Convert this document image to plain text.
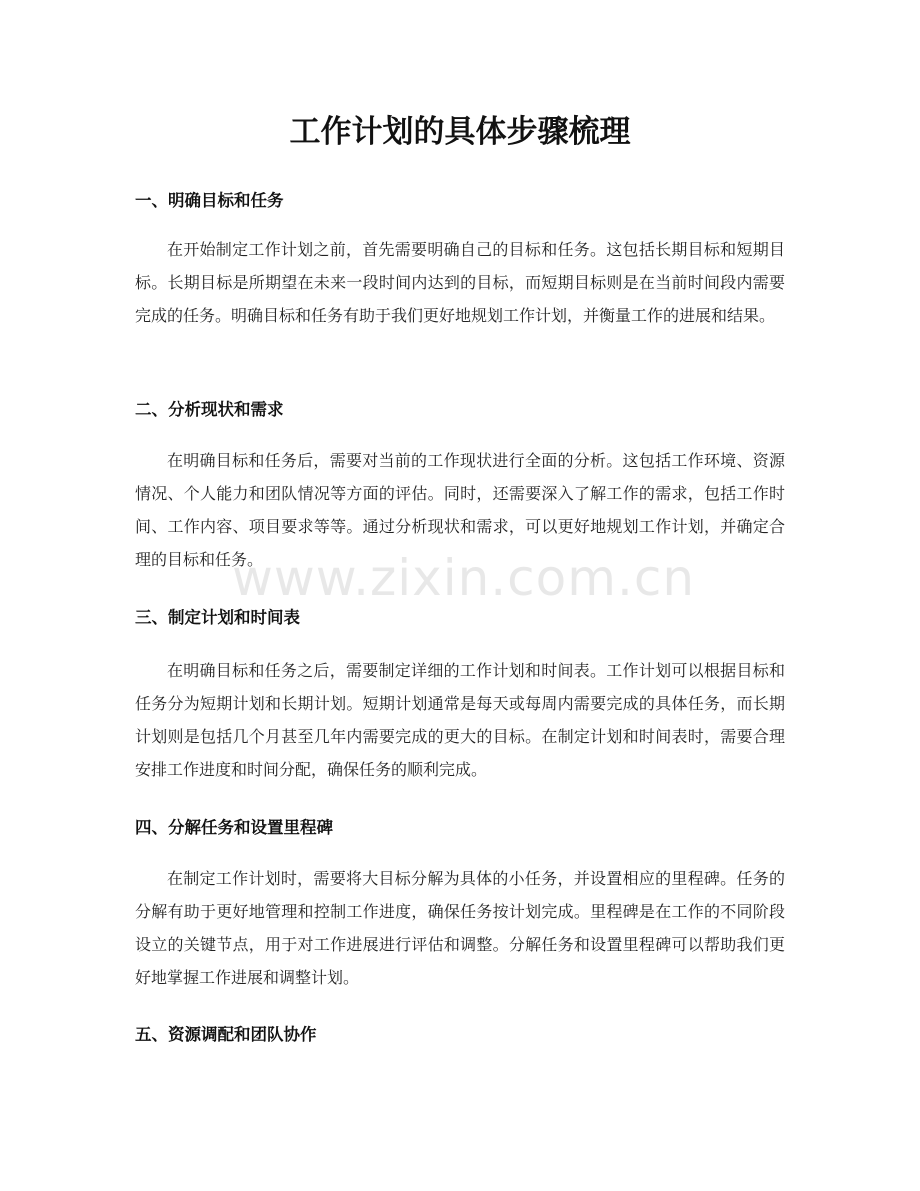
工作计划的具体步骤梳理
一、明确目标和任务

在开始制定工作计划之前，首先需要明确自己的目标和任务。这包括长期目标和短期目标。长期目标是所期望在未来一段时间内达到的目标，而短期目标则是在当前时间段内需要完成的任务。明确目标和任务有助于我们更好地规划工作计划，并衡量工作的进展和结果。

二、分析现状和需求

在明确目标和任务后，需要对当前的工作现状进行全面的分析。这包括工作环境、资源情况、个人能力和团队情况等方面的评估。同时，还需要深入了解工作的需求，包括工作时间、工作内容、项目要求等等。通过分析现状和需求，可以更好地规划工作计划，并确定合理的目标和任务。

三、制定计划和时间表

在明确目标和任务之后，需要制定详细的工作计划和时间表。工作计划可以根据目标和任务分为短期计划和长期计划。短期计划通常是每天或每周内需要完成的具体任务，而长期计划则是包括几个月甚至几年内需要完成的更大的目标。在制定计划和时间表时，需要合理安排工作进度和时间分配，确保任务的顺利完成。

四、分解任务和设置里程碑

在制定工作计划时，需要将大目标分解为具体的小任务，并设置相应的里程碑。任务的分解有助于更好地管理和控制工作进度，确保任务按计划完成。里程碑是在工作的不同阶段设立的关键节点，用于对工作进展进行评估和调整。分解任务和设置里程碑可以帮助我们更好地掌握工作进展和调整计划。

五、资源调配和团队协作
www.zixin.com.cn
